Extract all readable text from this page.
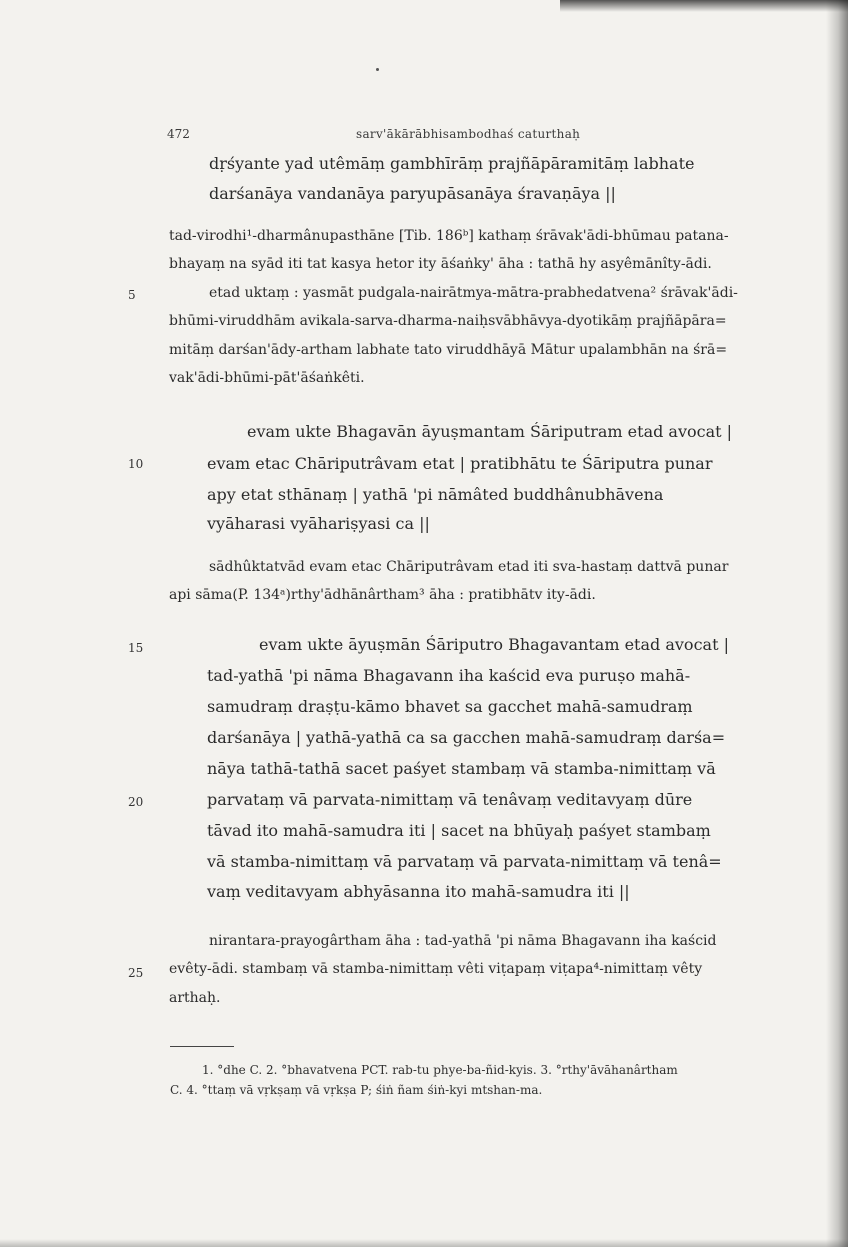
472	sarv'ākārābhisambodhaś caturthaḥ
dṛśyante yad utêmāṃ gambhīrāṃ prajñāpāramitāṃ labhate
darśanāya vandanāya paryupāsanāya śravaṇāya ||
tad-virodhi¹-dharmânupasthāne [Tib. 186ᵇ] kathaṃ śrāvak'ādi-bhūmau patana-
bhayaṃ na syād iti tat kasya hetor ity āśaṅky' āha : tathā hy asyêmānîty-ādi.
5	etad uktaṃ : yasmāt pudgala-nairātmya-mātra-prabhedatvena² śrāvak'ādi-
bhūmi-viruddhām avikala-sarva-dharma-naiḥsvābhāvya-dyotikāṃ prajñāpāra=
mitāṃ darśan'ādy-artham labhate tato viruddhāyā Mātur upalambhān na śrā=
vak'ādi-bhūmi-pāt'āśaṅkêti.
evam ukte Bhagavān āyuṣmantam Śāriputram etad avocat |
10	evam etac Chāriputrâvam etat | pratibhātu te Śāriputra punar
apy etat sthānaṃ | yathā 'pi nāmâted buddhânubhāvena
vyāharasi vyāhariṣyasi ca ||
sādhûktatvād evam etac Chāriputrâvam etad iti sva-hastaṃ dattvā punar
api sāma(P. 134ᵃ)rthy'ādhānârtham³ āha : pratibhātv ity-ādi.
15	evam ukte āyuṣmān Śāriputro Bhagavantam etad avocat |
tad-yathā 'pi nāma Bhagavann iha kaścid eva puruṣo mahā-
samudraṃ draṣṭu-kāmo bhavet sa gacchet mahā-samudraṃ
darśanāya | yathā-yathā ca sa gacchen mahā-samudraṃ darśa=
nāya tathā-tathā sacet paśyet stambaṃ vā stamba-nimittaṃ vā
20	parvataṃ vā parvata-nimittaṃ vā tenâvaṃ veditavyaṃ dūre
tāvad ito mahā-samudra iti | sacet na bhūyaḥ paśyet stambaṃ
vā stamba-nimittaṃ vā parvataṃ vā parvata-nimittaṃ vā tenâ=
vaṃ veditavyam abhyāsanna ito mahā-samudra iti ||
nirantara-prayogârtham āha : tad-yathā 'pi nāma Bhagavann iha kaścid
25 evêty-ādi. stambaṃ vā stamba-nimittaṃ vêti viṭapaṃ viṭapa⁴-nimittaṃ vêty
arthaḥ.
1. °dhe C. 2. °bhavatvena PCT. rab-tu phye-ba-ñid-kyis. 3. °rthy'āvāhanârtham
C. 4. °ttaṃ vā vṛkṣaṃ vā vṛkṣa P; śiṅ ñam śiṅ-kyi mtshan-ma.
